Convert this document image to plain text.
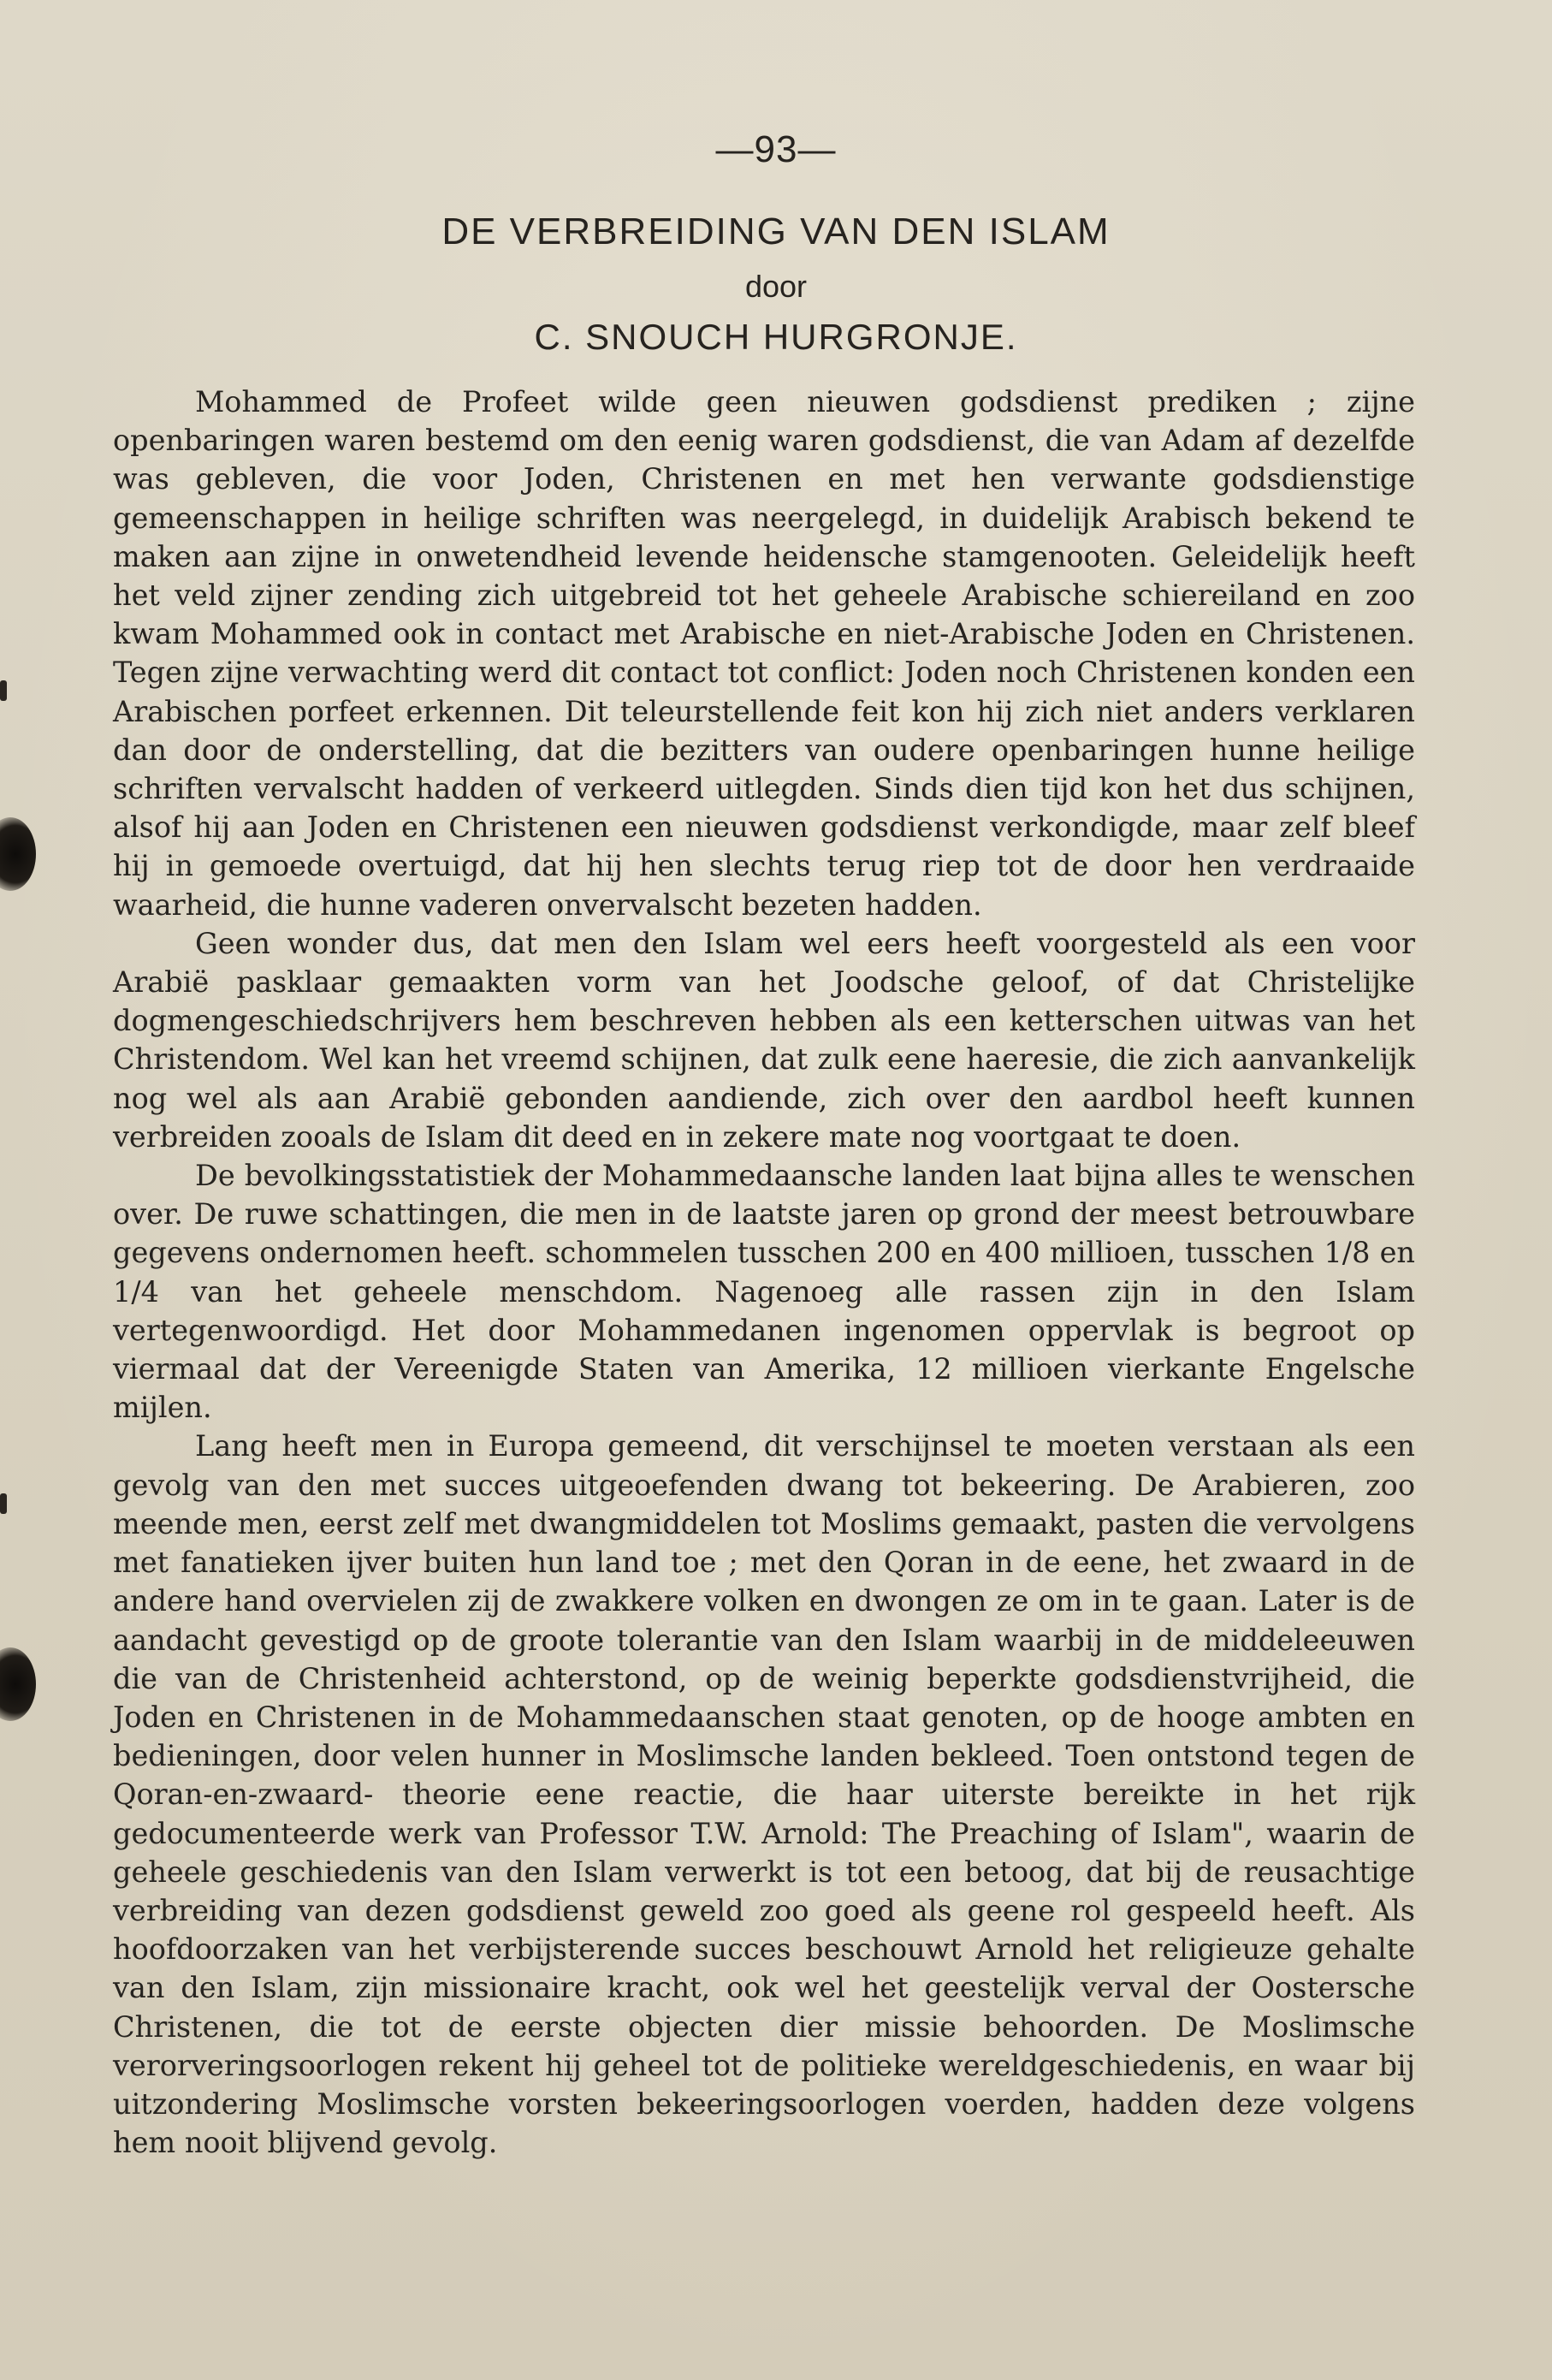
—93—
DE VERBREIDING VAN DEN ISLAM
door
C. SNOUCH HURGRONJE.

Mohammed de Profeet wilde geen nieuwen godsdienst prediken ; zijne openbaringen waren bestemd om den eenig waren godsdienst, die van Adam af dezelfde was gebleven, die voor Joden, Christenen en met hen verwante godsdienstige gemeenschappen in heilige schriften was neergelegd, in duidelijk Arabisch bekend te maken aan zijne in onwetendheid levende heidensche stamgenooten. Geleidelijk heeft het veld zijner zending zich uitgebreid tot het geheele Arabische schiereiland en zoo kwam Mohammed ook in contact met Arabische en niet-Arabische Joden en Christenen. Tegen zijne verwachting werd dit contact tot conflict: Joden noch Christenen konden een Arabischen porfeet erkennen. Dit teleurstellende feit kon hij zich niet anders verklaren dan door de onderstelling, dat die bezitters van oudere openbaringen hunne heilige schriften vervalscht hadden of verkeerd uitlegden. Sinds dien tijd kon het dus schijnen, alsof hij aan Joden en Christenen een nieuwen godsdienst verkondigde, maar zelf bleef hij in gemoede overtuigd, dat hij hen slechts terug riep tot de door hen verdraaide waarheid, die hunne vaderen onvervalscht bezeten hadden.

Geen wonder dus, dat men den Islam wel eers heeft voorgesteld als een voor Arabië pasklaar gemaakten vorm van het Joodsche geloof, of dat Christelijke dogmengeschiedschrijvers hem beschreven hebben als een ketterschen uitwas van het Christendom. Wel kan het vreemd schijnen, dat zulk eene haeresie, die zich aanvankelijk nog wel als aan Arabië gebonden aandiende, zich over den aardbol heeft kunnen verbreiden zooals de Islam dit deed en in zekere mate nog voortgaat te doen.

De bevolkingsstatistiek der Mohammedaansche landen laat bijna alles te wenschen over. De ruwe schattingen, die men in de laatste jaren op grond der meest betrouwbare gegevens ondernomen heeft. schommelen tusschen 200 en 400 millioen, tusschen 1/8 en 1/4 van het geheele menschdom. Nagenoeg alle rassen zijn in den Islam vertegenwoordigd. Het door Mohammedanen ingenomen oppervlak is begroot op viermaal dat der Vereenigde Staten van Amerika, 12 millioen vierkante Engelsche mijlen.

Lang heeft men in Europa gemeend, dit verschijnsel te moeten verstaan als een gevolg van den met succes uitgeoefenden dwang tot bekeering. De Arabieren, zoo meende men, eerst zelf met dwangmiddelen tot Moslims gemaakt, pasten die vervolgens met fanatieken ijver buiten hun land toe ; met den Qoran in de eene, het zwaard in de andere hand overvielen zij de zwakkere volken en dwongen ze om in te gaan. Later is de aandacht gevestigd op de groote tolerantie van den Islam waarbij in de middeleeuwen die van de Christenheid achterstond, op de weinig beperkte godsdienstvrijheid, die Joden en Christenen in de Mohammedaanschen staat genoten, op de hooge ambten en bedieningen, door velen hunner in Moslimsche landen bekleed. Toen ontstond tegen de Qoran-en-zwaard- theorie eene reactie, die haar uiterste bereikte in het rijk gedocumenteerde werk van Professor T.W. Arnold: The Preaching of Islam", waarin de geheele geschiedenis van den Islam verwerkt is tot een betoog, dat bij de reusachtige verbreiding van dezen godsdienst geweld zoo goed als geene rol gespeeld heeft. Als hoofdoorzaken van het verbijsterende succes beschouwt Arnold het religieuze gehalte van den Islam, zijn missionaire kracht, ook wel het geestelijk verval der Oostersche Christenen, die tot de eerste objecten dier missie behoorden. De Moslimsche verorveringsoorlogen rekent hij geheel tot de politieke wereldgeschiedenis, en waar bij uitzondering Moslimsche vorsten bekeeringsoorlogen voerden, hadden deze volgens hem nooit blijvend gevolg.
